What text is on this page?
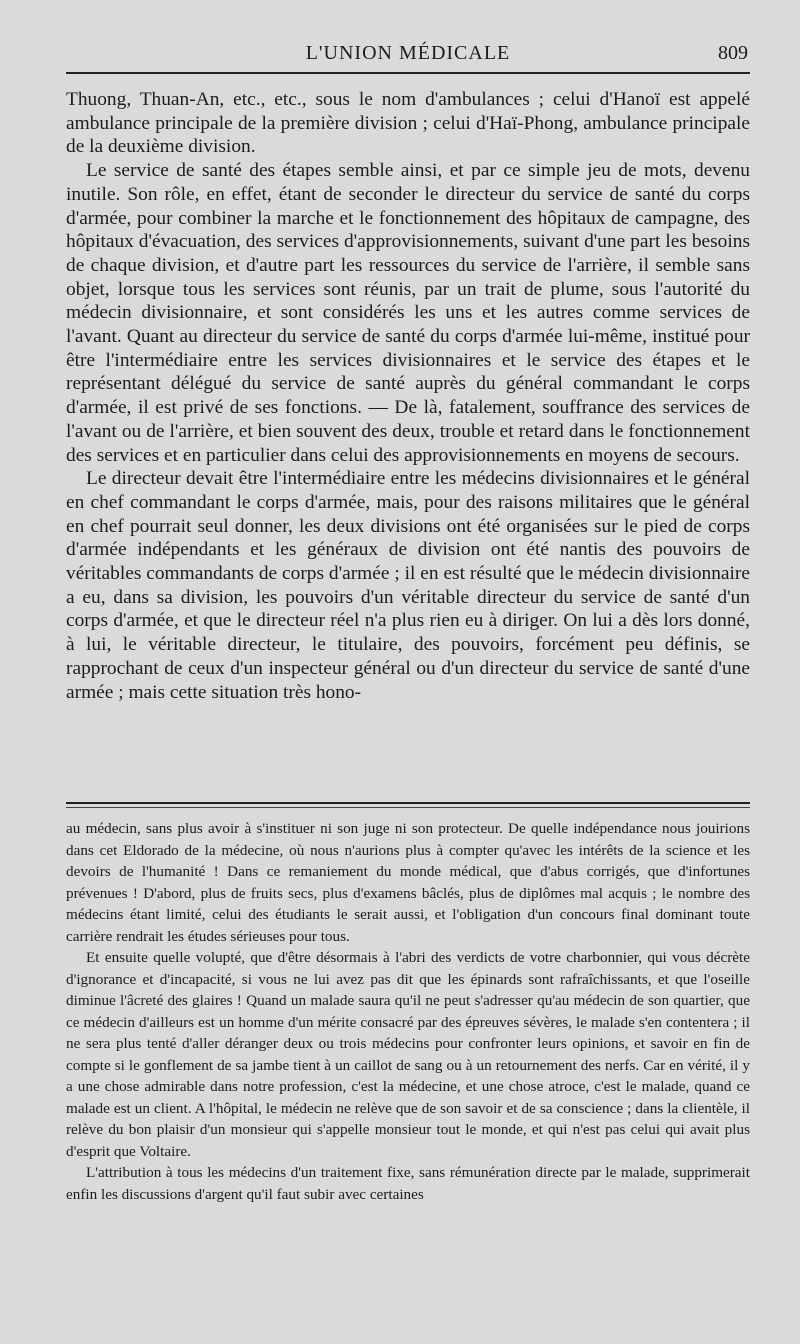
L'UNION MÉDICALE	809

Thuong, Thuan-An, etc., etc., sous le nom d'ambulances ; celui d'Hanoï est appelé ambulance principale de la première division ; celui d'Haï-Phong, ambulance principale de la deuxième division.

Le service de santé des étapes semble ainsi, et par ce simple jeu de mots, devenu inutile. Son rôle, en effet, étant de seconder le directeur du service de santé du corps d'armée, pour combiner la marche et le fonctionnement des hôpitaux de campagne, des hôpitaux d'évacuation, des services d'approvisionnements, suivant d'une part les besoins de chaque division, et d'autre part les ressources du service de l'arrière, il semble sans objet, lorsque tous les services sont réunis, par un trait de plume, sous l'autorité du médecin divisionnaire, et sont considérés les uns et les autres comme services de l'avant. Quant au directeur du service de santé du corps d'armée lui-même, institué pour être l'intermédiaire entre les services divisionnaires et le service des étapes et le représentant délégué du service de santé auprès du général commandant le corps d'armée, il est privé de ses fonctions. — De là, fatalement, souffrance des services de l'avant ou de l'arrière, et bien souvent des deux, trouble et retard dans le fonctionnement des services et en particulier dans celui des approvisionnements en moyens de secours.

Le directeur devait être l'intermédiaire entre les médecins divisionnaires et le général en chef commandant le corps d'armée, mais, pour des raisons militaires que le général en chef pourrait seul donner, les deux divisions ont été organisées sur le pied de corps d'armée indépendants et les généraux de division ont été nantis des pouvoirs de véritables commandants de corps d'armée ; il en est résulté que le médecin divisionnaire a eu, dans sa division, les pouvoirs d'un véritable directeur du service de santé d'un corps d'armée, et que le directeur réel n'a plus rien eu à diriger. On lui a dès lors donné, à lui, le véritable directeur, le titulaire, des pouvoirs, forcément peu définis, se rapprochant de ceux d'un inspecteur général ou d'un directeur du service de santé d'une armée ; mais cette situation très hono-

au médecin, sans plus avoir à s'instituer ni son juge ni son protecteur. De quelle indépendance nous jouirions dans cet Eldorado de la médecine, où nous n'aurions plus à compter qu'avec les intérêts de la science et les devoirs de l'humanité ! Dans ce remaniement du monde médical, que d'abus corrigés, que d'infortunes prévenues ! D'abord, plus de fruits secs, plus d'examens bâclés, plus de diplômes mal acquis ; le nombre des médecins étant limité, celui des étudiants le serait aussi, et l'obligation d'un concours final dominant toute carrière rendrait les études sérieuses pour tous.

Et ensuite quelle volupté, que d'être désormais à l'abri des verdicts de votre charbonnier, qui vous décrète d'ignorance et d'incapacité, si vous ne lui avez pas dit que les épinards sont rafraîchissants, et que l'oseille diminue l'âcreté des glaires ! Quand un malade saura qu'il ne peut s'adresser qu'au médecin de son quartier, que ce médecin d'ailleurs est un homme d'un mérite consacré par des épreuves sévères, le malade s'en contentera ; il ne sera plus tenté d'aller déranger deux ou trois médecins pour confronter leurs opinions, et savoir en fin de compte si le gonflement de sa jambe tient à un caillot de sang ou à un retournement des nerfs. Car en vérité, il y a une chose admirable dans notre profession, c'est la médecine, et une chose atroce, c'est le malade, quand ce malade est un client. A l'hôpital, le médecin ne relève que de son savoir et de sa conscience ; dans la clientèle, il relève du bon plaisir d'un monsieur qui s'appelle monsieur tout le monde, et qui n'est pas celui qui avait plus d'esprit que Voltaire.

L'attribution à tous les médecins d'un traitement fixe, sans rémunération directe par le malade, supprimerait enfin les discussions d'argent qu'il faut subir avec certaines
